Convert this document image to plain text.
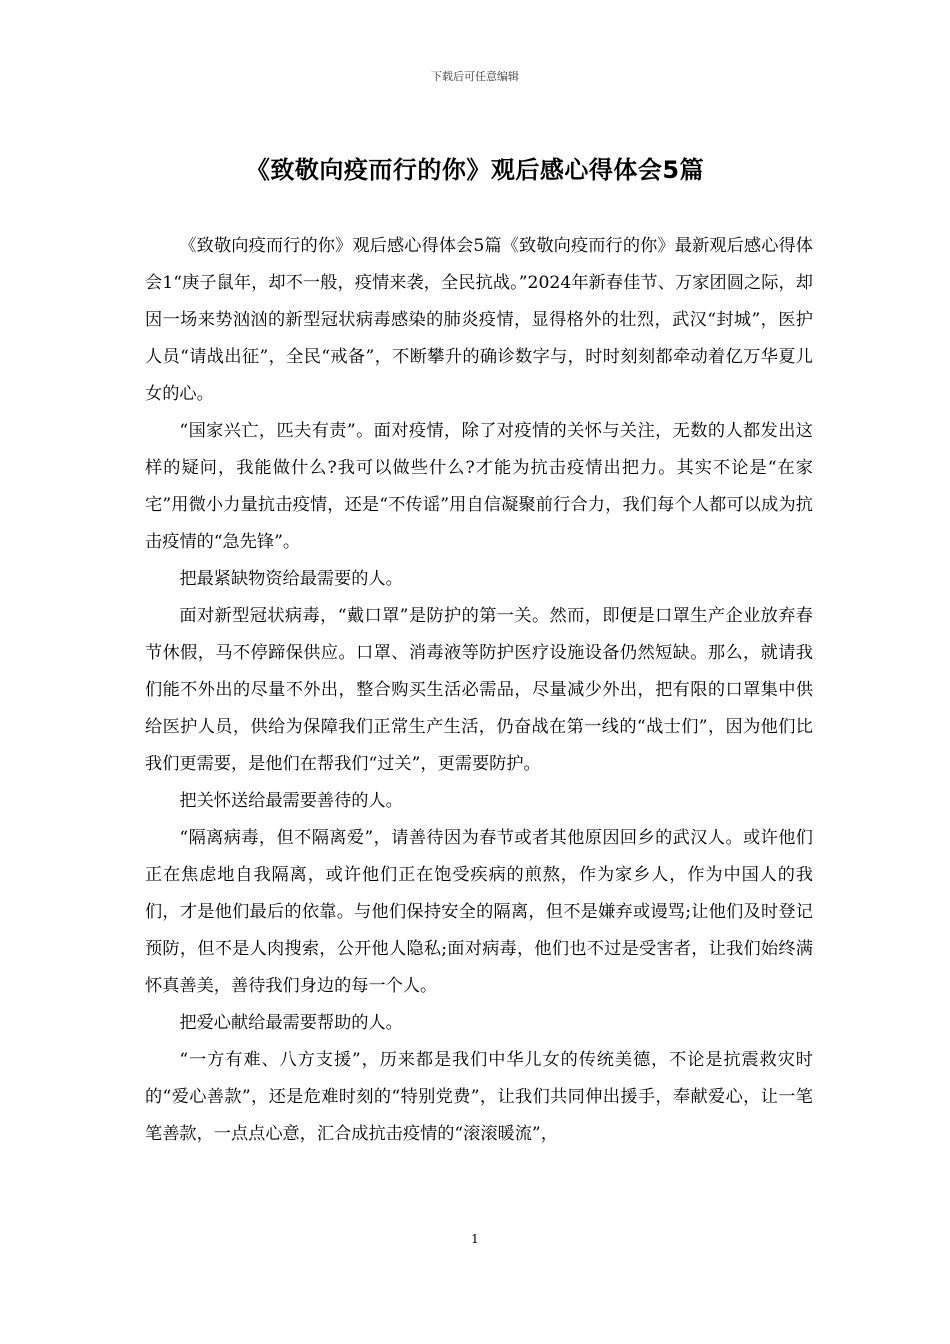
下载后可任意编辑
《致敬向疫而行的你》观后感心得体会5篇

《致敬向疫而行的你》观后感心得体会5篇《致敬向疫而行的你》最新观后感心得体会1“庚子鼠年，却不一般，疫情来袭，全民抗战。”2024年新春佳节、万家团圆之际，却因一场来势汹汹的新型冠状病毒感染的肺炎疫情，显得格外的壮烈，武汉“封城”，医护人员“请战出征”，全民“戒备”，不断攀升的确诊数字与，时时刻刻都牵动着亿万华夏儿女的心。

“国家兴亡，匹夫有责”。面对疫情，除了对疫情的关怀与关注，无数的人都发出这样的疑问，我能做什么?我可以做些什么?才能为抗击疫情出把力。其实不论是“在家宅”用微小力量抗击疫情，还是“不传谣”用自信凝聚前行合力，我们每个人都可以成为抗击疫情的“急先锋”。

把最紧缺物资给最需要的人。

面对新型冠状病毒，“戴口罩”是防护的第一关。然而，即便是口罩生产企业放弃春节休假，马不停蹄保供应。口罩、消毒液等防护医疗设施设备仍然短缺。那么，就请我们能不外出的尽量不外出，整合购买生活必需品，尽量减少外出，把有限的口罩集中供给医护人员，供给为保障我们正常生产生活，仍奋战在第一线的“战士们”，因为他们比我们更需要，是他们在帮我们“过关”，更需要防护。

把关怀送给最需要善待的人。

“隔离病毒，但不隔离爱”，请善待因为春节或者其他原因回乡的武汉人。或许他们正在焦虑地自我隔离，或许他们正在饱受疾病的煎熬，作为家乡人，作为中国人的我们，才是他们最后的依靠。与他们保持安全的隔离，但不是嫌弃或谩骂;让他们及时登记预防，但不是人肉搜索，公开他人隐私;面对病毒，他们也不过是受害者，让我们始终满怀真善美，善待我们身边的每一个人。

把爱心献给最需要帮助的人。

“一方有难、八方支援”，历来都是我们中华儿女的传统美德，不论是抗震救灾时的“爱心善款”，还是危难时刻的“特别党费”，让我们共同伸出援手，奉献爱心，让一笔笔善款，一点点心意，汇合成抗击疫情的“滚滚暖流”，

1
